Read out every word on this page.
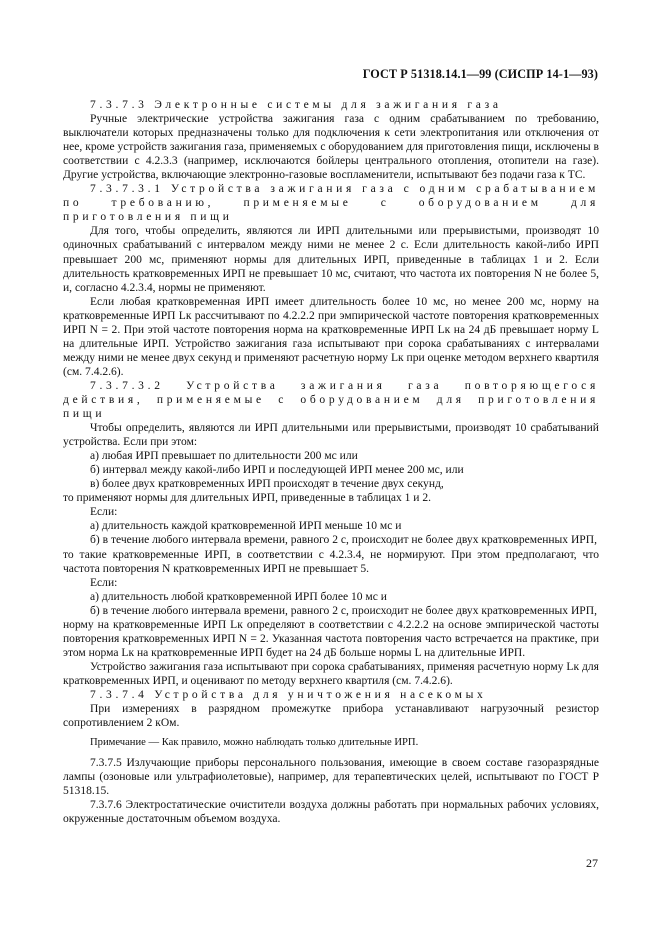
ГОСТ Р 51318.14.1—99 (СИСПР 14-1—93)

7.3.7.3 Электронные системы для зажигания газа

Ручные электрические устройства зажигания газа с одним срабатыванием по требованию, выключатели которых предназначены только для подключения к сети электропитания или отключения от нее, кроме устройств зажигания газа, применяемых с оборудованием для приготовления пищи, исключены в соответствии с 4.2.3.3 (например, исключаются бойлеры центрального отопления, отопители на газе). Другие устройства, включающие электронно-газовые воспламенители, испытывают без подачи газа к ТС.

7.3.7.3.1 Устройства зажигания газа с одним срабатыванием по требованию, применяемые с оборудованием для приготовления пищи

Для того, чтобы определить, являются ли ИРП длительными или прерывистыми, производят 10 одиночных срабатываний с интервалом между ними не менее 2 с. Если длительность какой-либо ИРП превышает 200 мс, применяют нормы для длительных ИРП, приведенные в таблицах 1 и 2. Если длительность кратковременных ИРП не превышает 10 мс, считают, что частота их повторения N не более 5, и, согласно 4.2.3.4, нормы не применяют.

Если любая кратковременная ИРП имеет длительность более 10 мс, но менее 200 мс, норму на кратковременные ИРП Lк рассчитывают по 4.2.2.2 при эмпирической частоте повторения кратковременных ИРП N = 2. При этой частоте повторения норма на кратковременные ИРП Lк на 24 дБ превышает норму L на длительные ИРП. Устройство зажигания газа испытывают при сорока срабатываниях с интервалами между ними не менее двух секунд и применяют расчетную норму Lк при оценке методом верхнего квартиля (см. 7.4.2.6).

7.3.7.3.2 Устройства зажигания газа повторяющегося действия, применяемые с оборудованием для приготовления пищи

Чтобы определить, являются ли ИРП длительными или прерывистыми, производят 10 срабатываний устройства. Если при этом:

а) любая ИРП превышает по длительности 200 мс или

б) интервал между какой-либо ИРП и последующей ИРП менее 200 мс, или

в) более двух кратковременных ИРП происходят в течение двух секунд,

то применяют нормы для длительных ИРП, приведенные в таблицах 1 и 2.

Если:

а) длительность каждой кратковременной ИРП меньше 10 мс и

б) в течение любого интервала времени, равного 2 с, происходит не более двух кратковременных ИРП,

то такие кратковременные ИРП, в соответствии с 4.2.3.4, не нормируют. При этом предполагают, что частота повторения N кратковременных ИРП не превышает 5.

Если:

а) длительность любой кратковременной ИРП более 10 мс и

б) в течение любого интервала времени, равного 2 с, происходит не более двух кратковременных ИРП,

норму на кратковременные ИРП Lк определяют в соответствии с 4.2.2.2 на основе эмпирической частоты повторения кратковременных ИРП N = 2. Указанная частота повторения часто встречается на практике, при этом норма Lк на кратковременные ИРП будет на 24 дБ больше нормы L на длительные ИРП.

Устройство зажигания газа испытывают при сорока срабатываниях, применяя расчетную норму Lк для кратковременных ИРП, и оценивают по методу верхнего квартиля (см. 7.4.2.6).

7.3.7.4 Устройства для уничтожения насекомых

При измерениях в разрядном промежутке прибора устанавливают нагрузочный резистор сопротивлением 2 кОм.

Примечание — Как правило, можно наблюдать только длительные ИРП.

7.3.7.5 Излучающие приборы персонального пользования, имеющие в своем составе газоразрядные лампы (озоновые или ультрафиолетовые), например, для терапевтических целей, испытывают по ГОСТ Р 51318.15.

7.3.7.6 Электростатические очистители воздуха должны работать при нормальных рабочих условиях, окруженные достаточным объемом воздуха.

27
